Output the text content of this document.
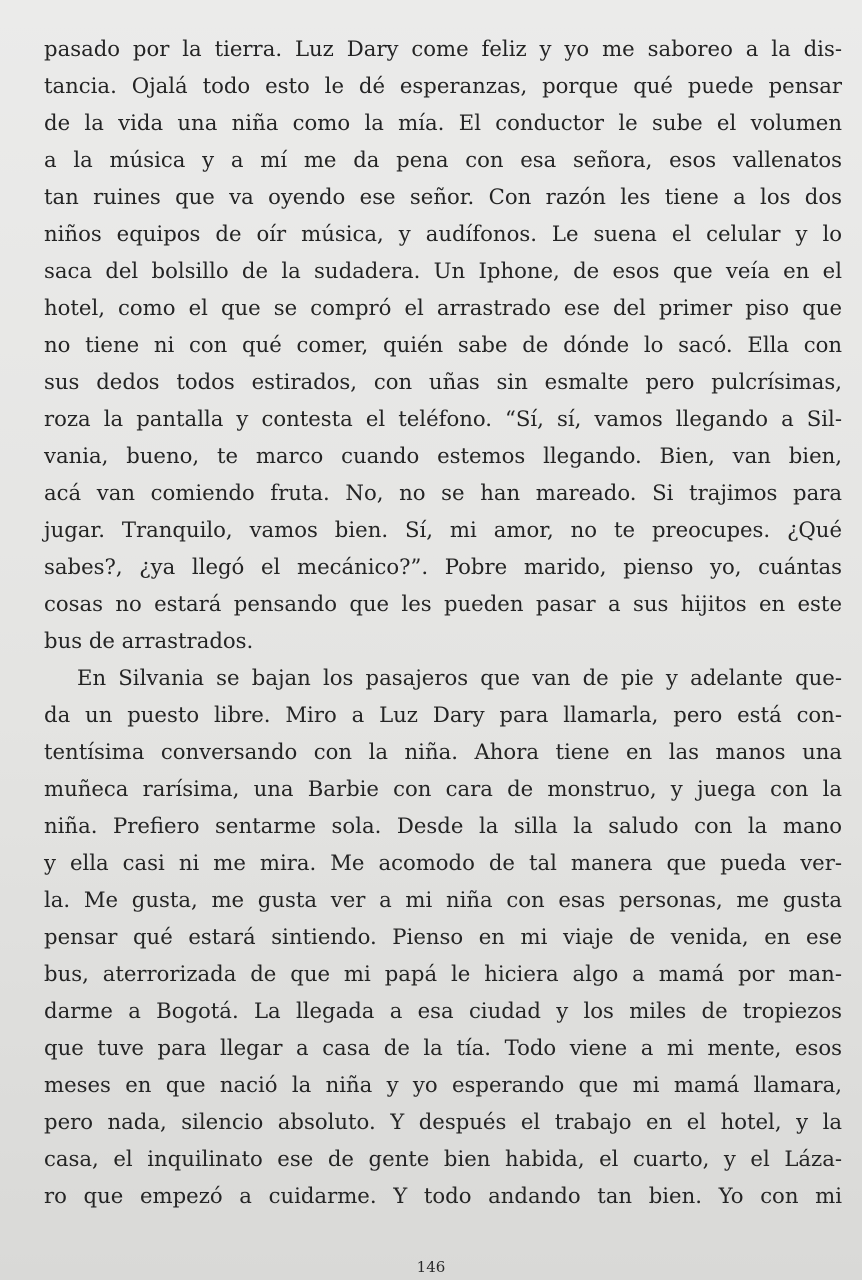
pasado por la tierra. Luz Dary come feliz y yo me saboreo a la dis-
tancia. Ojalá todo esto le dé esperanzas, porque qué puede pensar
de la vida una niña como la mía. El conductor le sube el volumen
a la música y a mí me da pena con esa señora, esos vallenatos
tan ruines que va oyendo ese señor. Con razón les tiene a los dos
niños equipos de oír música, y audífonos. Le suena el celular y lo
saca del bolsillo de la sudadera. Un Iphone, de esos que veía en el
hotel, como el que se compró el arrastrado ese del primer piso que
no tiene ni con qué comer, quién sabe de dónde lo sacó. Ella con
sus dedos todos estirados, con uñas sin esmalte pero pulcrísimas,
roza la pantalla y contesta el teléfono. “Sí, sí, vamos llegando a Sil-
vania, bueno, te marco cuando estemos llegando. Bien, van bien,
acá van comiendo fruta. No, no se han mareado. Si trajimos para
jugar. Tranquilo, vamos bien. Sí, mi amor, no te preocupes. ¿Qué
sabes?, ¿ya llegó el mecánico?”. Pobre marido, pienso yo, cuántas
cosas no estará pensando que les pueden pasar a sus hijitos en este
bus de arrastrados.
En Silvania se bajan los pasajeros que van de pie y adelante que-
da un puesto libre. Miro a Luz Dary para llamarla, pero está con-
tentísima conversando con la niña. Ahora tiene en las manos una
muñeca rarísima, una Barbie con cara de monstruo, y juega con la
niña. Prefiero sentarme sola. Desde la silla la saludo con la mano
y ella casi ni me mira. Me acomodo de tal manera que pueda ver-
la. Me gusta, me gusta ver a mi niña con esas personas, me gusta
pensar qué estará sintiendo. Pienso en mi viaje de venida, en ese
bus, aterrorizada de que mi papá le hiciera algo a mamá por man-
darme a Bogotá. La llegada a esa ciudad y los miles de tropiezos
que tuve para llegar a casa de la tía. Todo viene a mi mente, esos
meses en que nació la niña y yo esperando que mi mamá llamara,
pero nada, silencio absoluto. Y después el trabajo en el hotel, y la
casa, el inquilinato ese de gente bien habida, el cuarto, y el Láza-
ro que empezó a cuidarme. Y todo andando tan bien. Yo con mi
146
